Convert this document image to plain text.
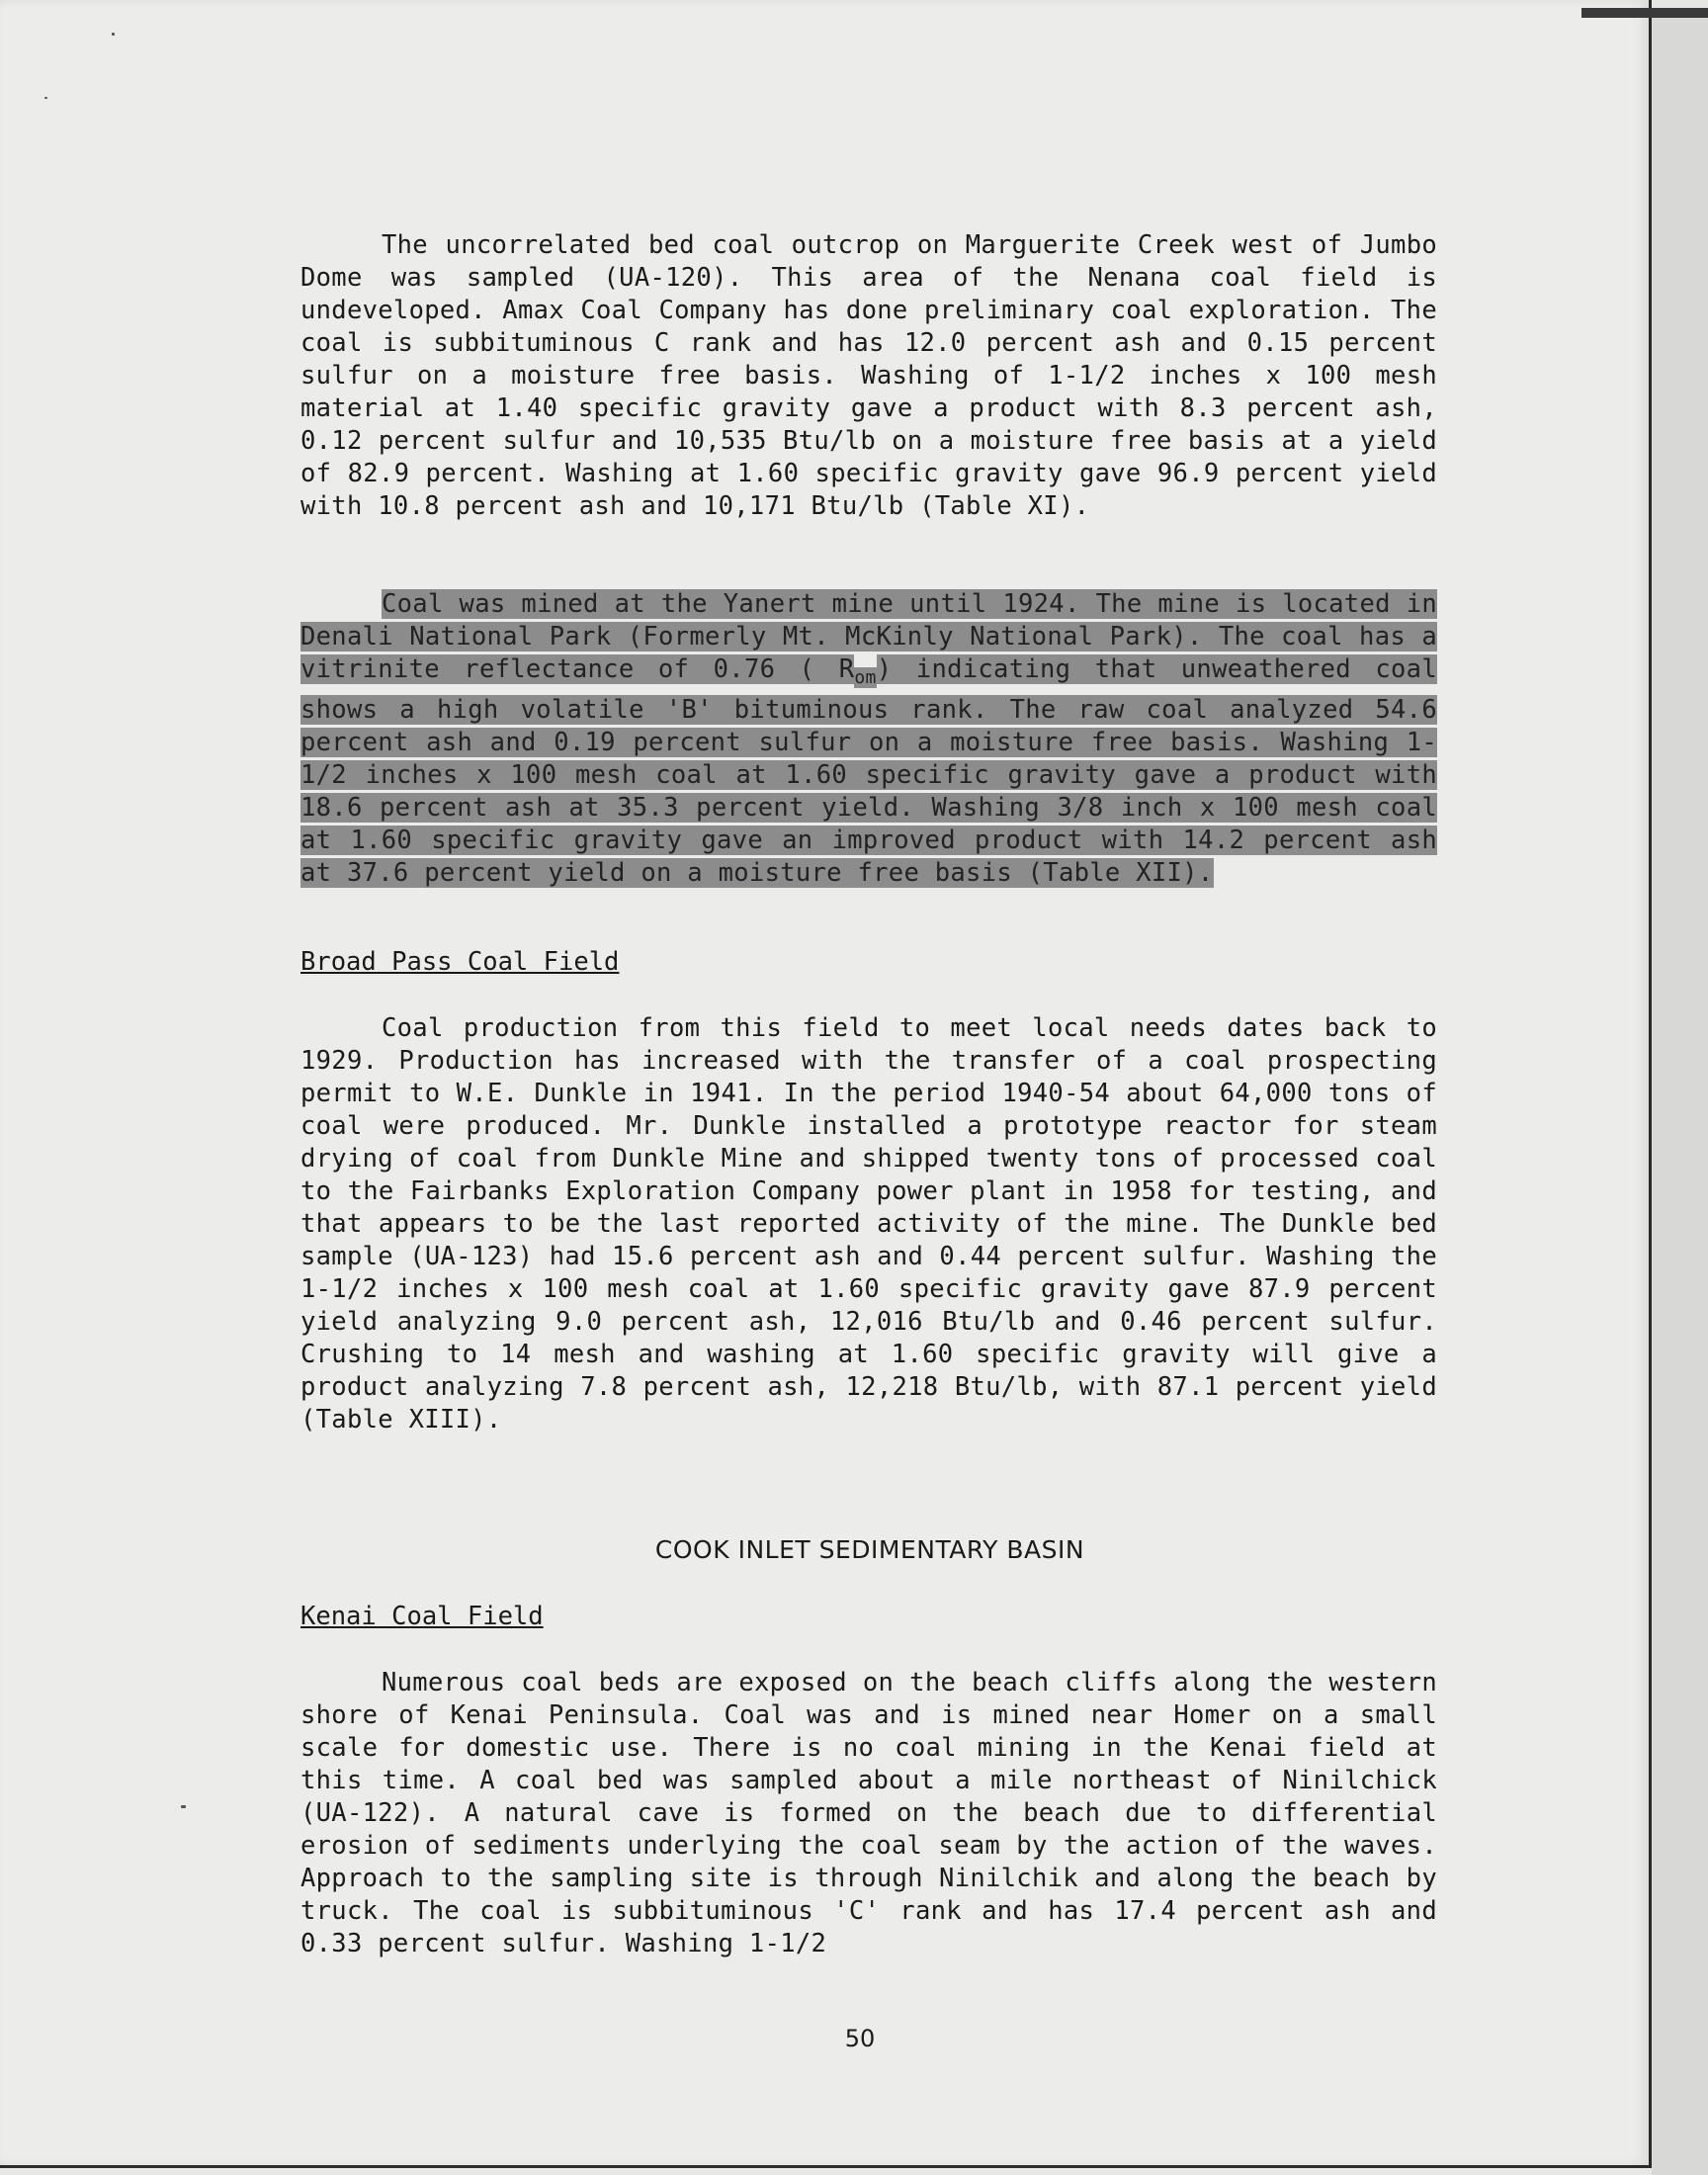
The uncorrelated bed coal outcrop on Marguerite Creek west of Jumbo Dome was sampled (UA-120). This area of the Nenana coal field is undeveloped. Amax Coal Company has done preliminary coal exploration. The coal is subbituminous C rank and has 12.0 percent ash and 0.15 percent sulfur on a moisture free basis. Washing of 1-1/2 inches x 100 mesh material at 1.40 specific gravity gave a product with 8.3 percent ash, 0.12 percent sulfur and 10,535 Btu/lb on a moisture free basis at a yield of 82.9 percent. Washing at 1.60 specific gravity gave 96.9 percent yield with 10.8 percent ash and 10,171 Btu/lb (Table XI).

Coal was mined at the Yanert mine until 1924. The mine is located in Denali National Park (Formerly Mt. McKinly National Park). The coal has a vitrinite reflectance of 0.76 ( $R_{om}$) indicating that unweathered coal shows a high volatile 'B' bituminous rank. The raw coal analyzed 54.6 percent ash and 0.19 percent sulfur on a moisture free basis. Washing 1-1/2 inches x 100 mesh coal at 1.60 specific gravity gave a product with 18.6 percent ash at 35.3 percent yield. Washing 3/8 inch x 100 mesh coal at 1.60 specific gravity gave an improved product with 14.2 percent ash at 37.6 percent yield on a moisture free basis (Table XII).

Broad Pass Coal Field

Coal production from this field to meet local needs dates back to 1929. Production has increased with the transfer of a coal prospecting permit to W.E. Dunkle in 1941. In the period 1940-54 about 64,000 tons of coal were produced. Mr. Dunkle installed a prototype reactor for steam drying of coal from Dunkle Mine and shipped twenty tons of processed coal to the Fairbanks Exploration Company power plant in 1958 for testing, and that appears to be the last reported activity of the mine. The Dunkle bed sample (UA-123) had 15.6 percent ash and 0.44 percent sulfur. Washing the 1-1/2 inches x 100 mesh coal at 1.60 specific gravity gave 87.9 percent yield analyzing 9.0 percent ash, 12,016 Btu/lb and 0.46 percent sulfur. Crushing to 14 mesh and washing at 1.60 specific gravity will give a product analyzing 7.8 percent ash, 12,218 Btu/lb, with 87.1 percent yield (Table XIII).

COOK INLET SEDIMENTARY BASIN
Kenai Coal Field

Numerous coal beds are exposed on the beach cliffs along the western shore of Kenai Peninsula. Coal was and is mined near Homer on a small scale for domestic use. There is no coal mining in the Kenai field at this time. A coal bed was sampled about a mile northeast of Ninilchick (UA-122). A natural cave is formed on the beach due to differential erosion of sediments underlying the coal seam by the action of the waves. Approach to the sampling site is through Ninilchik and along the beach by truck. The coal is subbituminous 'C' rank and has 17.4 percent ash and 0.33 percent sulfur. Washing 1-1/2

50
